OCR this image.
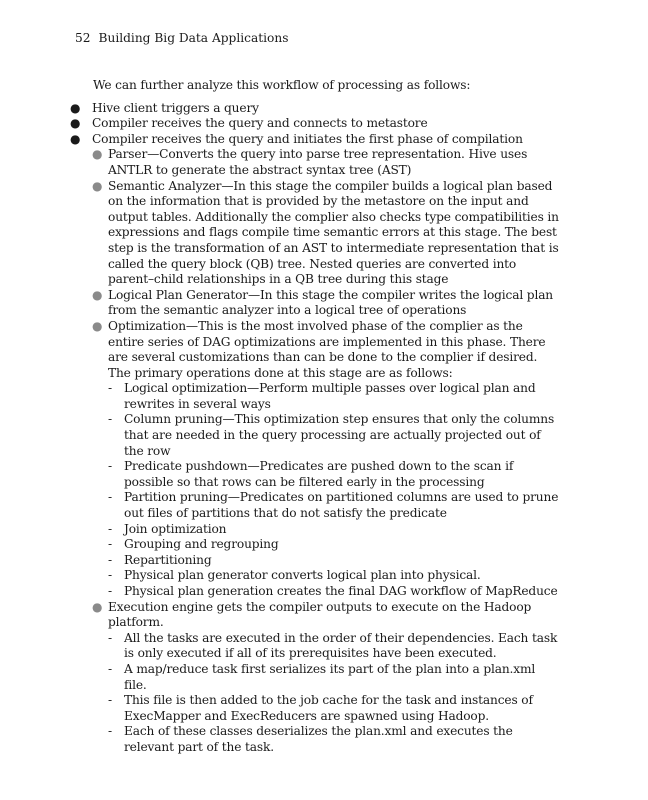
52 Building Big Data Applications

We can further analyze this workflow of processing as follows:

● Hive client triggers a query
● Compiler receives the query and connects to metastore
● Compiler receives the query and initiates the first phase of compilation
● Parser—Converts the query into parse tree representation. Hive uses ANTLR to generate the abstract syntax tree (AST)
● Semantic Analyzer—In this stage the compiler builds a logical plan based on the information that is provided by the metastore on the input and output tables. Additionally the complier also checks type compatibilities in expressions and flags compile time semantic errors at this stage. The best step is the transformation of an AST to intermediate representation that is called the query block (QB) tree. Nested queries are converted into parent–child relationships in a QB tree during this stage
● Logical Plan Generator—In this stage the compiler writes the logical plan from the semantic analyzer into a logical tree of operations
● Optimization—This is the most involved phase of the complier as the entire series of DAG optimizations are implemented in this phase. There are several customizations than can be done to the complier if desired. The primary operations done at this stage are as follows:
- Logical optimization—Perform multiple passes over logical plan and rewrites in several ways
- Column pruning—This optimization step ensures that only the columns that are needed in the query processing are actually projected out of the row
- Predicate pushdown—Predicates are pushed down to the scan if possible so that rows can be filtered early in the processing
- Partition pruning—Predicates on partitioned columns are used to prune out files of partitions that do not satisfy the predicate
- Join optimization
- Grouping and regrouping
- Repartitioning
- Physical plan generator converts logical plan into physical.
- Physical plan generation creates the final DAG workflow of MapReduce
● Execution engine gets the compiler outputs to execute on the Hadoop platform.
- All the tasks are executed in the order of their dependencies. Each task is only executed if all of its prerequisites have been executed.
- A map/reduce task first serializes its part of the plan into a plan.xml file.
- This file is then added to the job cache for the task and instances of ExecMapper and ExecReducers are spawned using Hadoop.
- Each of these classes deserializes the plan.xml and executes the relevant part of the task.
